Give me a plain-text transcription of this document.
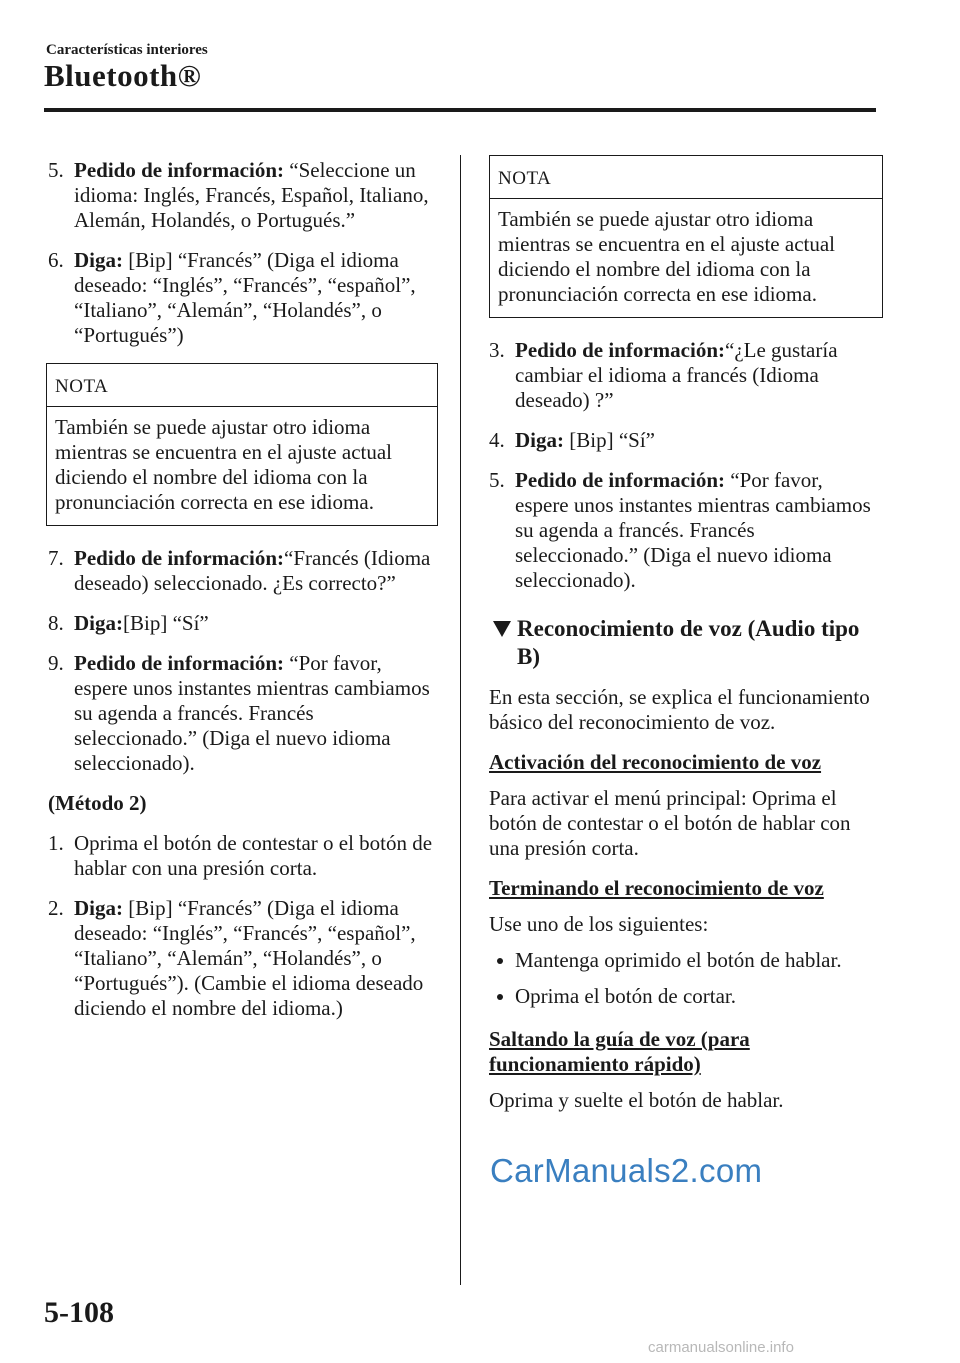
Características interiores
Bluetooth®
5. Pedido de información: “Seleccione un idioma: Inglés, Francés, Español, Italiano, Alemán, Holandés, o Portugués.”
6. Diga: [Bip] “Francés” (Diga el idioma deseado: “Inglés”, “Francés”, “español”, “Italiano”, “Alemán”, “Holandés”, o “Portugués”)
NOTA
También se puede ajustar otro idioma mientras se encuentra en el ajuste actual diciendo el nombre del idioma con la pronunciación correcta en ese idioma.
7. Pedido de información:“Francés (Idioma deseado) seleccionado. ¿Es correcto?”
8. Diga:[Bip] “Sí”
9. Pedido de información: “Por favor, espere unos instantes mientras cambiamos su agenda a francés. Francés seleccionado.” (Diga el nuevo idioma seleccionado).
(Método 2)
1. Oprima el botón de contestar o el botón de hablar con una presión corta.
2. Diga: [Bip] “Francés” (Diga el idioma deseado: “Inglés”, “Francés”, “español”, “Italiano”, “Alemán”, “Holandés”, o “Portugués”). (Cambie el idioma deseado diciendo el nombre del idioma.)
NOTA
También se puede ajustar otro idioma mientras se encuentra en el ajuste actual diciendo el nombre del idioma con la pronunciación correcta en ese idioma.
3. Pedido de información:“¿Le gustaría cambiar el idioma a francés (Idioma deseado) ?”
4. Diga: [Bip] “Sí”
5. Pedido de información: “Por favor, espere unos instantes mientras cambiamos su agenda a francés. Francés seleccionado.” (Diga el nuevo idioma seleccionado).
Reconocimiento de voz (Audio tipo B)
En esta sección, se explica el funcionamiento básico del reconocimiento de voz.
Activación del reconocimiento de voz
Para activar el menú principal: Oprima el botón de contestar o el botón de hablar con una presión corta.
Terminando el reconocimiento de voz
Use uno de los siguientes:
Mantenga oprimido el botón de hablar.
Oprima el botón de cortar.
Saltando la guía de voz (para funcionamiento rápido)
Oprima y suelte el botón de hablar.
CarManuals2.com
5-108
carmanualsonline.info
